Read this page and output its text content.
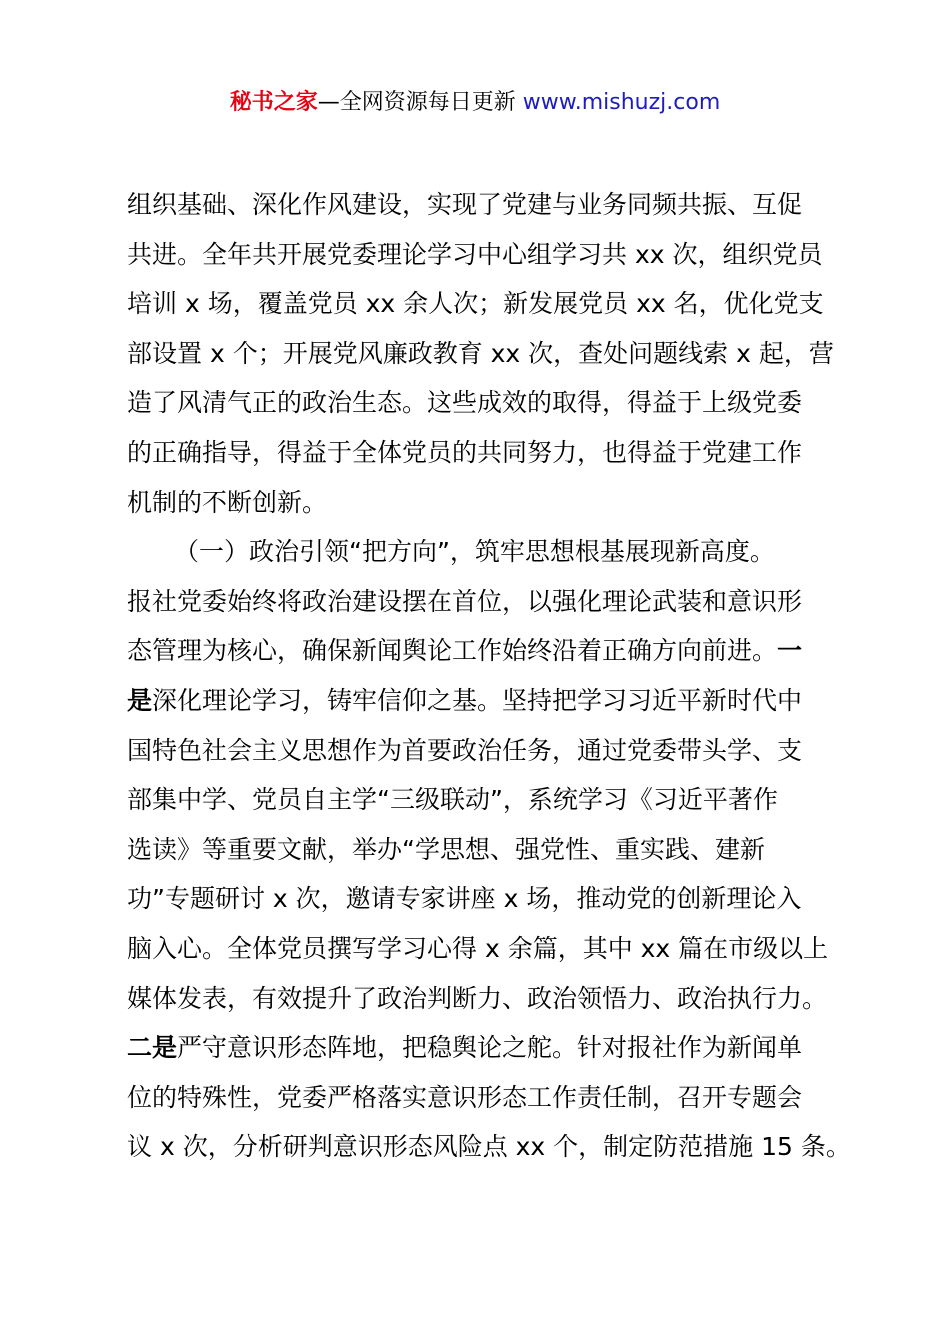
秘书之家—全网资源每日更新 www.mishuzj.com
组织基础、深化作风建设，实现了党建与业务同频共振、互促
共进。全年共开展党委理论学习中心组学习共 xx 次，组织党员
培训 x 场，覆盖党员 xx 余人次；新发展党员 xx 名，优化党支
部设置 x 个；开展党风廉政教育 xx 次，查处问题线索 x 起，营
造了风清气正的政治生态。这些成效的取得，得益于上级党委
的正确指导，得益于全体党员的共同努力，也得益于党建工作
机制的不断创新。
（一）政治引领“把方向”，筑牢思想根基展现新高度。
报社党委始终将政治建设摆在首位，以强化理论武装和意识形
态管理为核心，确保新闻舆论工作始终沿着正确方向前进。一
是深化理论学习，铸牢信仰之基。坚持把学习习近平新时代中
国特色社会主义思想作为首要政治任务，通过党委带头学、支
部集中学、党员自主学“三级联动”，系统学习《习近平著作
选读》等重要文献，举办“学思想、强党性、重实践、建新
功”专题研讨 x 次，邀请专家讲座 x 场，推动党的创新理论入
脑入心。全体党员撰写学习心得 x 余篇，其中 xx 篇在市级以上
媒体发表，有效提升了政治判断力、政治领悟力、政治执行力。
二是严守意识形态阵地，把稳舆论之舵。针对报社作为新闻单
位的特殊性，党委严格落实意识形态工作责任制，召开专题会
议 x 次，分析研判意识形态风险点 xx 个，制定防范措施 15 条。
